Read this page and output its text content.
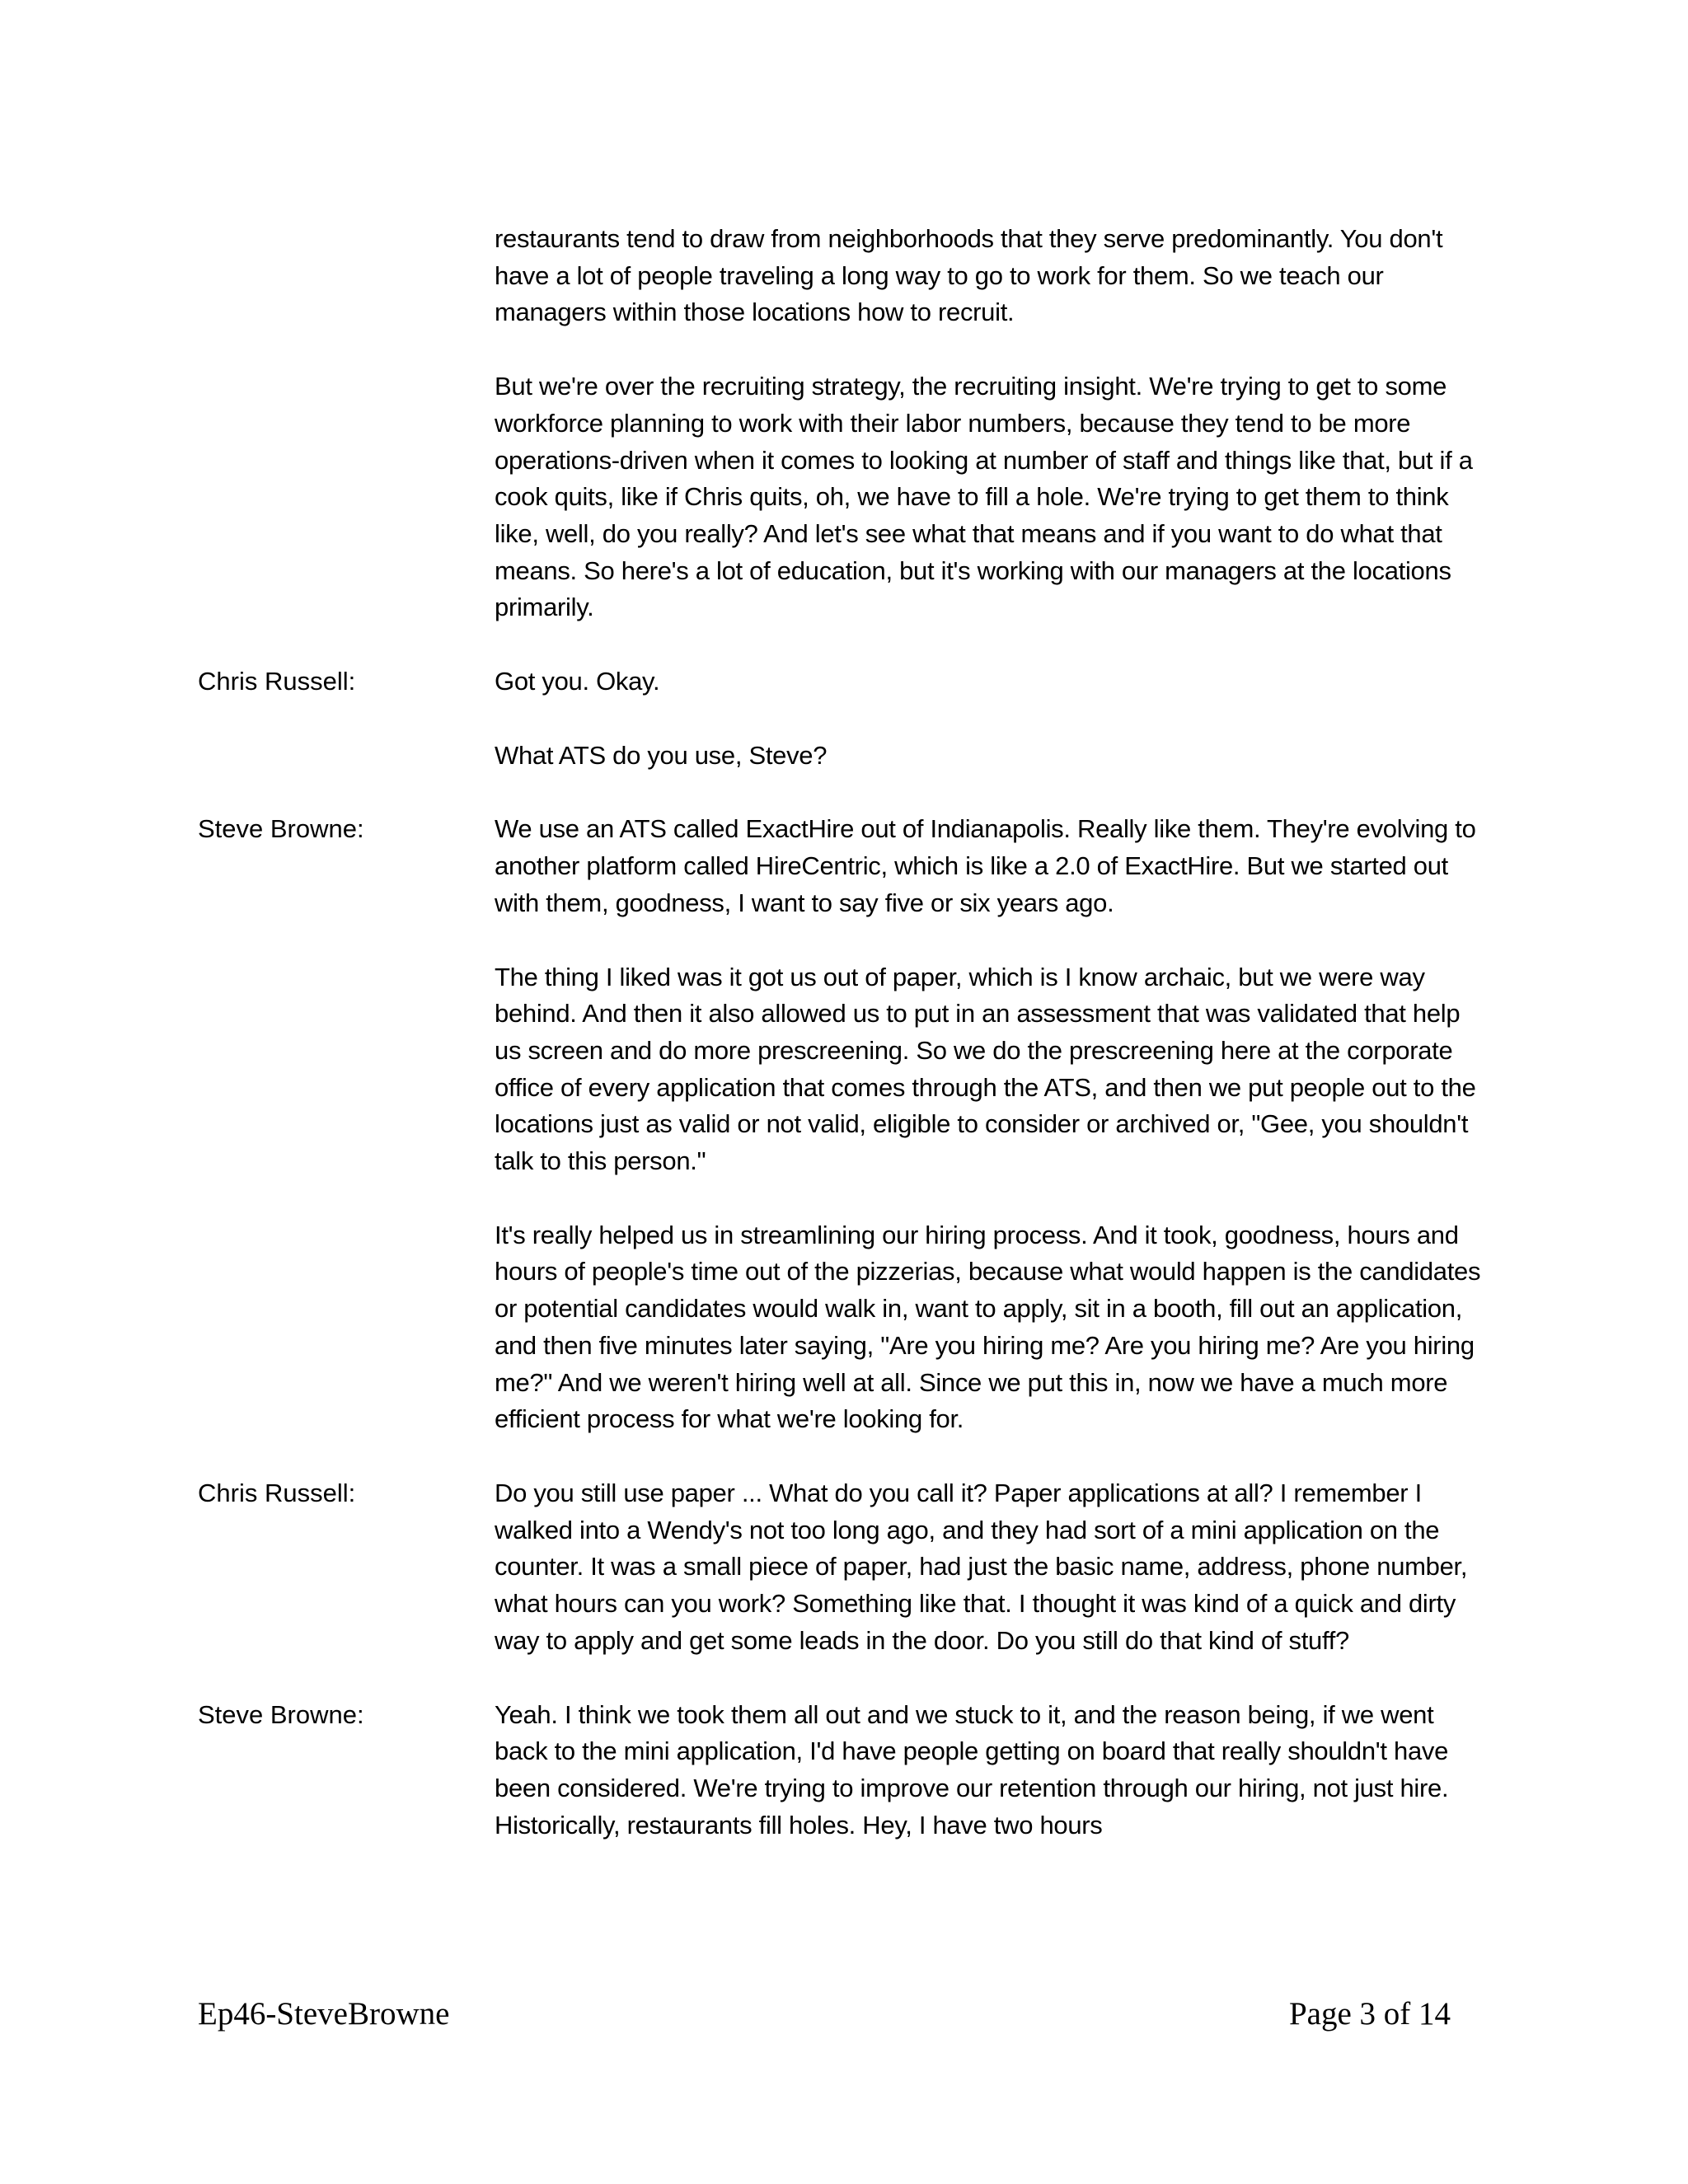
restaurants tend to draw from neighborhoods that they serve predominantly. You don't have a lot of people traveling a long way to go to work for them. So we teach our managers within those locations how to recruit.

But we're over the recruiting strategy, the recruiting insight. We're trying to get to some workforce planning to work with their labor numbers, because they tend to be more operations-driven when it comes to looking at number of staff and things like that, but if a cook quits, like if Chris quits, oh, we have to fill a hole. We're trying to get them to think like, well, do you really? And let's see what that means and if you want to do what that means. So here's a lot of education, but it's working with our managers at the locations primarily.

Chris Russell:	Got you. Okay.

What ATS do you use, Steve?

Steve Browne:	We use an ATS called ExactHire out of Indianapolis. Really like them. They're evolving to another platform called HireCentric, which is like a 2.0 of ExactHire. But we started out with them, goodness, I want to say five or six years ago.

The thing I liked was it got us out of paper, which is I know archaic, but we were way behind. And then it also allowed us to put in an assessment that was validated that help us screen and do more prescreening. So we do the prescreening here at the corporate office of every application that comes through the ATS, and then we put people out to the locations just as valid or not valid, eligible to consider or archived or, "Gee, you shouldn't talk to this person."

It's really helped us in streamlining our hiring process. And it took, goodness, hours and hours of people's time out of the pizzerias, because what would happen is the candidates or potential candidates would walk in, want to apply, sit in a booth, fill out an application, and then five minutes later saying, "Are you hiring me? Are you hiring me? Are you hiring me?" And we weren't hiring well at all. Since we put this in, now we have a much more efficient process for what we're looking for.

Chris Russell:	Do you still use paper ... What do you call it? Paper applications at all? I remember I walked into a Wendy's not too long ago, and they had sort of a mini application on the counter. It was a small piece of paper, had just the basic name, address, phone number, what hours can you work? Something like that. I thought it was kind of a quick and dirty way to apply and get some leads in the door. Do you still do that kind of stuff?

Steve Browne:	Yeah. I think we took them all out and we stuck to it, and the reason being, if we went back to the mini application, I'd have people getting on board that really shouldn't have been considered. We're trying to improve our retention through our hiring, not just hire. Historically, restaurants fill holes. Hey, I have two hours

Ep46-SteveBrowne	Page 3 of 14
